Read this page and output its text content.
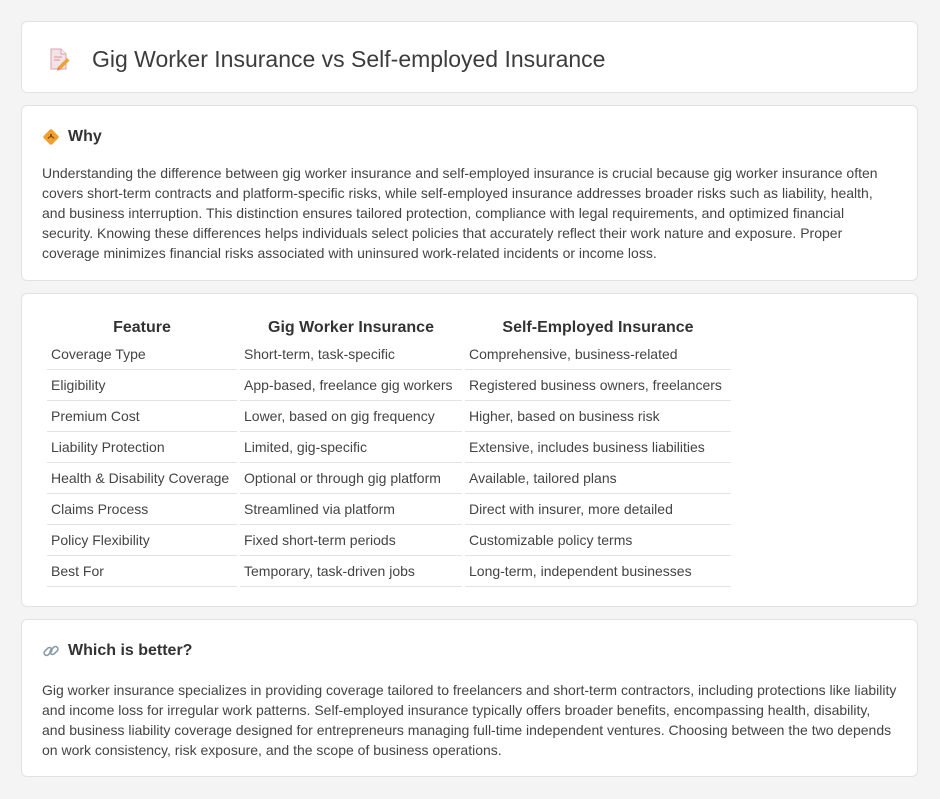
Gig Worker Insurance vs Self-employed Insurance
Why

Understanding the difference between gig worker insurance and self-employed insurance is crucial because gig worker insurance often covers short-term contracts and platform-specific risks, while self-employed insurance addresses broader risks such as liability, health, and business interruption. This distinction ensures tailored protection, compliance with legal requirements, and optimized financial security. Knowing these differences helps individuals select policies that accurately reflect their work nature and exposure. Proper coverage minimizes financial risks associated with uninsured work-related incidents or income loss.

Feature	Gig Worker Insurance	Self-Employed Insurance
Coverage Type	Short-term, task-specific	Comprehensive, business-related
Eligibility	App-based, freelance gig workers	Registered business owners, freelancers
Premium Cost	Lower, based on gig frequency	Higher, based on business risk
Liability Protection	Limited, gig-specific	Extensive, includes business liabilities
Health & Disability Coverage	Optional or through gig platform	Available, tailored plans
Claims Process	Streamlined via platform	Direct with insurer, more detailed
Policy Flexibility	Fixed short-term periods	Customizable policy terms
Best For	Temporary, task-driven jobs	Long-term, independent businesses
Which is better?

Gig worker insurance specializes in providing coverage tailored to freelancers and short-term contractors, including protections like liability and income loss for irregular work patterns. Self-employed insurance typically offers broader benefits, encompassing health, disability, and business liability coverage designed for entrepreneurs managing full-time independent ventures. Choosing between the two depends on work consistency, risk exposure, and the scope of business operations.
